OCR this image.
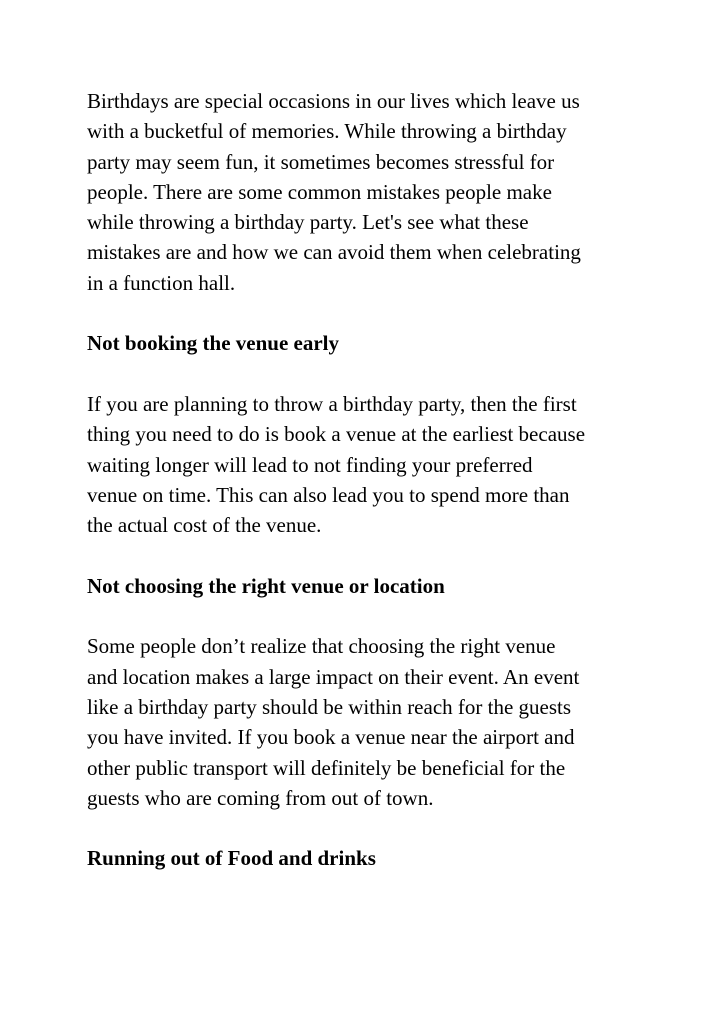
Birthdays are special occasions in our lives which leave us
with a bucketful of memories. While throwing a birthday
party may seem fun, it sometimes becomes stressful for
people. There are some common mistakes people make
while throwing a birthday party. Let's see what these
mistakes are and how we can avoid them when celebrating
in a function hall.

Not booking the venue early

If you are planning to throw a birthday party, then the first
thing you need to do is book a venue at the earliest because
waiting longer will lead to not finding your preferred
venue on time. This can also lead you to spend more than
the actual cost of the venue.

Not choosing the right venue or location

Some people don’t realize that choosing the right venue
and location makes a large impact on their event. An event
like a birthday party should be within reach for the guests
you have invited. If you book a venue near the airport and
other public transport will definitely be beneficial for the
guests who are coming from out of town.

Running out of Food and drinks
